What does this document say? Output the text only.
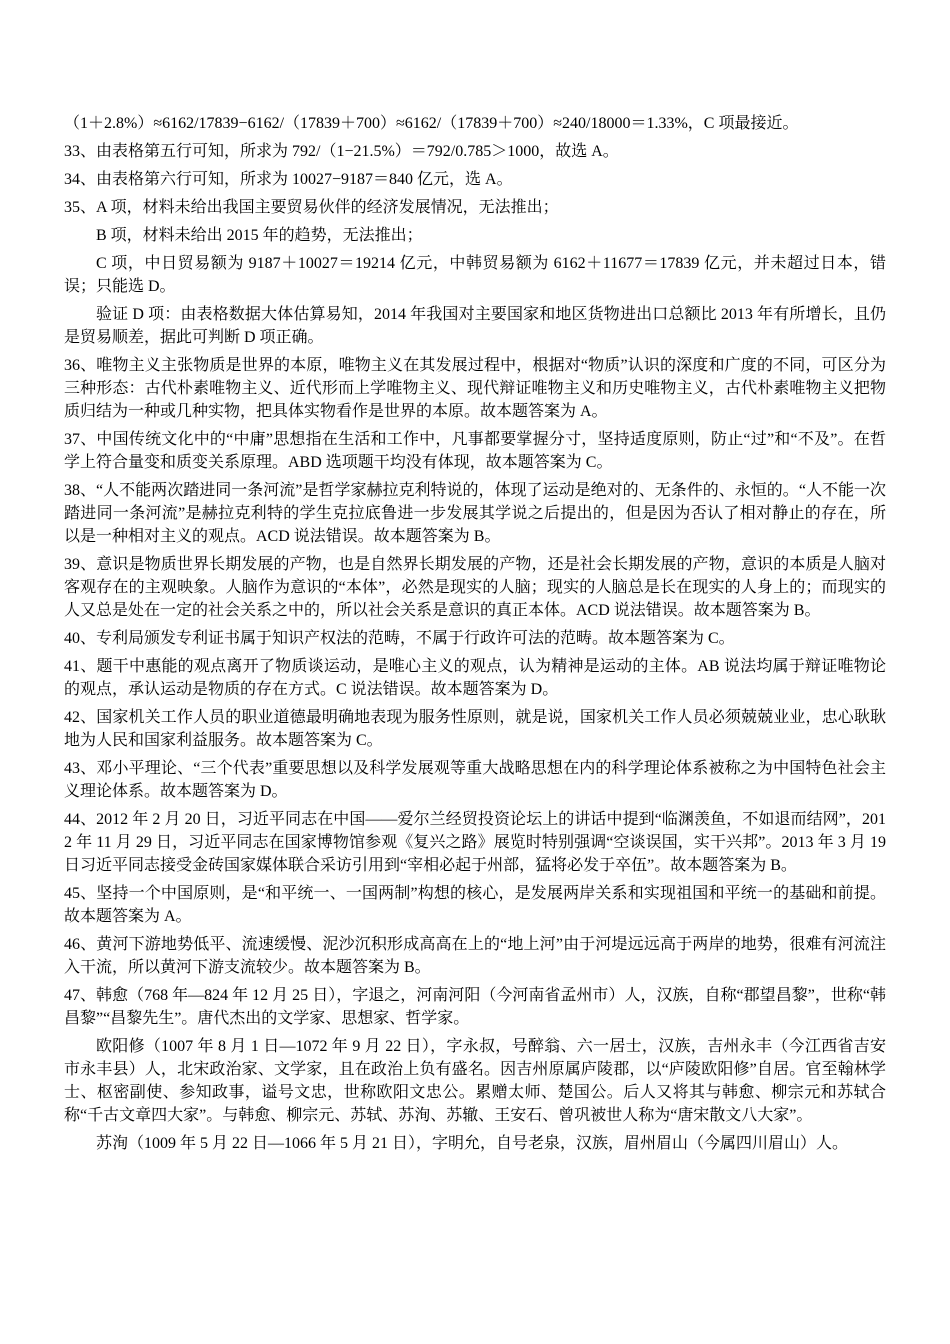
（1＋2.8%）≈6162/17839−6162/（17839＋700）≈6162/（17839＋700）≈240/18000＝1.33%，C 项最接近。

33、由表格第五行可知，所求为 792/（1−21.5%）＝792/0.785＞1000，故选 A。

34、由表格第六行可知，所求为 10027−9187＝840 亿元，选 A。

35、A 项，材料未给出我国主要贸易伙伴的经济发展情况，无法推出；

B 项，材料未给出 2015 年的趋势，无法推出；

C 项，中日贸易额为 9187＋10027＝19214 亿元，中韩贸易额为 6162＋11677＝17839 亿元，并未超过日本，错误；只能选 D。

验证 D 项：由表格数据大体估算易知，2014 年我国对主要国家和地区货物进出口总额比 2013 年有所增长，且仍是贸易顺差，据此可判断 D 项正确。

36、唯物主义主张物质是世界的本原，唯物主义在其发展过程中，根据对“物质”认识的深度和广度的不同，可区分为三种形态：古代朴素唯物主义、近代形而上学唯物主义、现代辩证唯物主义和历史唯物主义，古代朴素唯物主义把物质归结为一种或几种实物，把具体实物看作是世界的本原。故本题答案为 A。

37、中国传统文化中的“中庸”思想指在生活和工作中，凡事都要掌握分寸，坚持适度原则，防止“过”和“不及”。在哲学上符合量变和质变关系原理。ABD 选项题干均没有体现，故本题答案为 C。

38、“人不能两次踏进同一条河流”是哲学家赫拉克利特说的，体现了运动是绝对的、无条件的、永恒的。“人不能一次踏进同一条河流”是赫拉克利特的学生克拉底鲁进一步发展其学说之后提出的，但是因为否认了相对静止的存在，所以是一种相对主义的观点。ACD 说法错误。故本题答案为 B。

39、意识是物质世界长期发展的产物，也是自然界长期发展的产物，还是社会长期发展的产物，意识的本质是人脑对客观存在的主观映象。人脑作为意识的“本体”，必然是现实的人脑；现实的人脑总是长在现实的人身上的；而现实的人又总是处在一定的社会关系之中的，所以社会关系是意识的真正本体。ACD 说法错误。故本题答案为 B。

40、专利局颁发专利证书属于知识产权法的范畴，不属于行政许可法的范畴。故本题答案为 C。

41、题干中惠能的观点离开了物质谈运动，是唯心主义的观点，认为精神是运动的主体。AB 说法均属于辩证唯物论的观点，承认运动是物质的存在方式。C 说法错误。故本题答案为 D。

42、国家机关工作人员的职业道德最明确地表现为服务性原则，就是说，国家机关工作人员必须兢兢业业，忠心耿耿地为人民和国家利益服务。故本题答案为 C。

43、邓小平理论、“三个代表”重要思想以及科学发展观等重大战略思想在内的科学理论体系被称之为中国特色社会主义理论体系。故本题答案为 D。

44、2012 年 2 月 20 日，习近平同志在中国——爱尔兰经贸投资论坛上的讲话中提到“临渊羡鱼，不如退而结网”，2012 年 11 月 29 日，习近平同志在国家博物馆参观《复兴之路》展览时特别强调“空谈误国，实干兴邦”。2013 年 3 月 19 日习近平同志接受金砖国家媒体联合采访引用到“宰相必起于州部，猛将必发于卒伍”。故本题答案为 B。

45、坚持一个中国原则，是“和平统一、一国两制”构想的核心，是发展两岸关系和实现祖国和平统一的基础和前提。故本题答案为 A。

46、黄河下游地势低平、流速缓慢、泥沙沉积形成高高在上的“地上河”由于河堤远远高于两岸的地势，很难有河流注入干流，所以黄河下游支流较少。故本题答案为 B。

47、韩愈（768 年—824 年 12 月 25 日），字退之，河南河阳（今河南省孟州市）人，汉族，自称“郡望昌黎”，世称“韩昌黎”“昌黎先生”。唐代杰出的文学家、思想家、哲学家。

欧阳修（1007 年 8 月 1 日—1072 年 9 月 22 日），字永叔，号醉翁、六一居士，汉族，吉州永丰（今江西省吉安市永丰县）人，北宋政治家、文学家，且在政治上负有盛名。因吉州原属庐陵郡，以“庐陵欧阳修”自居。官至翰林学士、枢密副使、参知政事，谥号文忠，世称欧阳文忠公。累赠太师、楚国公。后人又将其与韩愈、柳宗元和苏轼合称“千古文章四大家”。与韩愈、柳宗元、苏轼、苏洵、苏辙、王安石、曾巩被世人称为“唐宋散文八大家”。

苏洵（1009 年 5 月 22 日—1066 年 5 月 21 日），字明允，自号老泉，汉族，眉州眉山（今属四川眉山）人。
